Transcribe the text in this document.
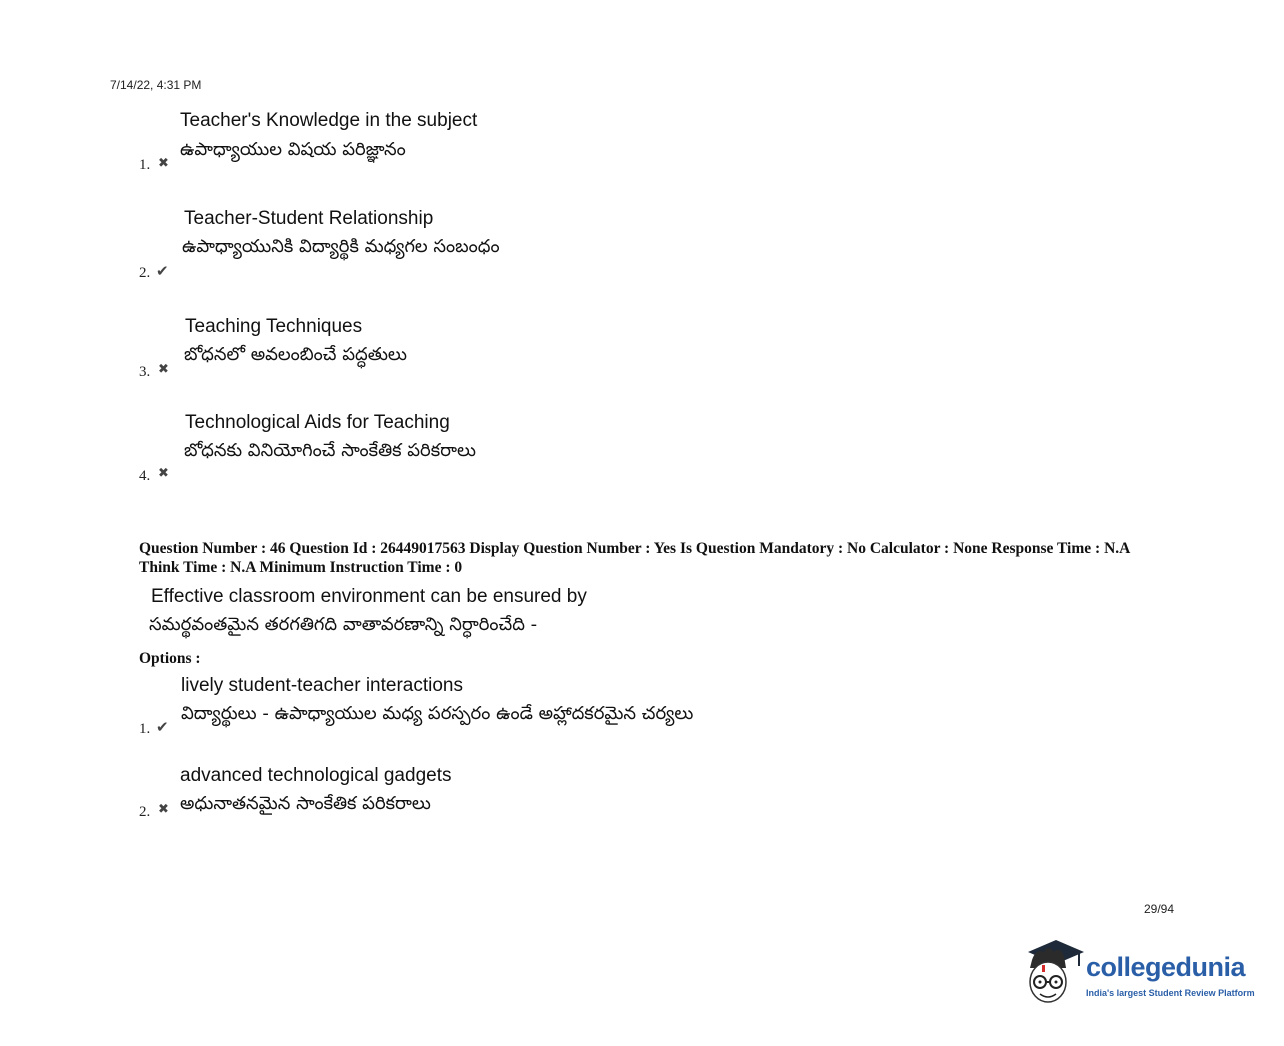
7/14/22, 4:31 PM
1. ✖
Teacher's Knowledge in the subject
ఉపాధ్యాయుల విషయ పరిజ్ఞానం
2. ✔
Teacher-Student Relationship
ఉపాధ్యాయునికి విద్యార్థికి మధ్యగల సంబంధం
3. ✖
Teaching Techniques
బోధనలో అవలంబించే పద్ధతులు
4. ✖
Technological Aids for Teaching
బోధనకు వినియోగించే సాంకేతిక పరికరాలు
Question Number : 46 Question Id : 26449017563 Display Question Number : Yes Is Question Mandatory : No Calculator : None Response Time : N.A Think Time : N.A Minimum Instruction Time : 0
Effective classroom environment can be ensured by
సమర్థవంతమైన తరగతిగది వాతావరణాన్ని నిర్ధారించేది -
Options :
1. ✔
lively student-teacher interactions
విద్యార్థులు - ఉపాధ్యాయుల మధ్య పరస్పరం ఉండే అహ్లాదకరమైన చర్యలు
2. ✖
advanced technological gadgets
అధునాతనమైన సాంకేతిక పరికరాలు
29/94
collegedunia
India's largest Student Review Platform
